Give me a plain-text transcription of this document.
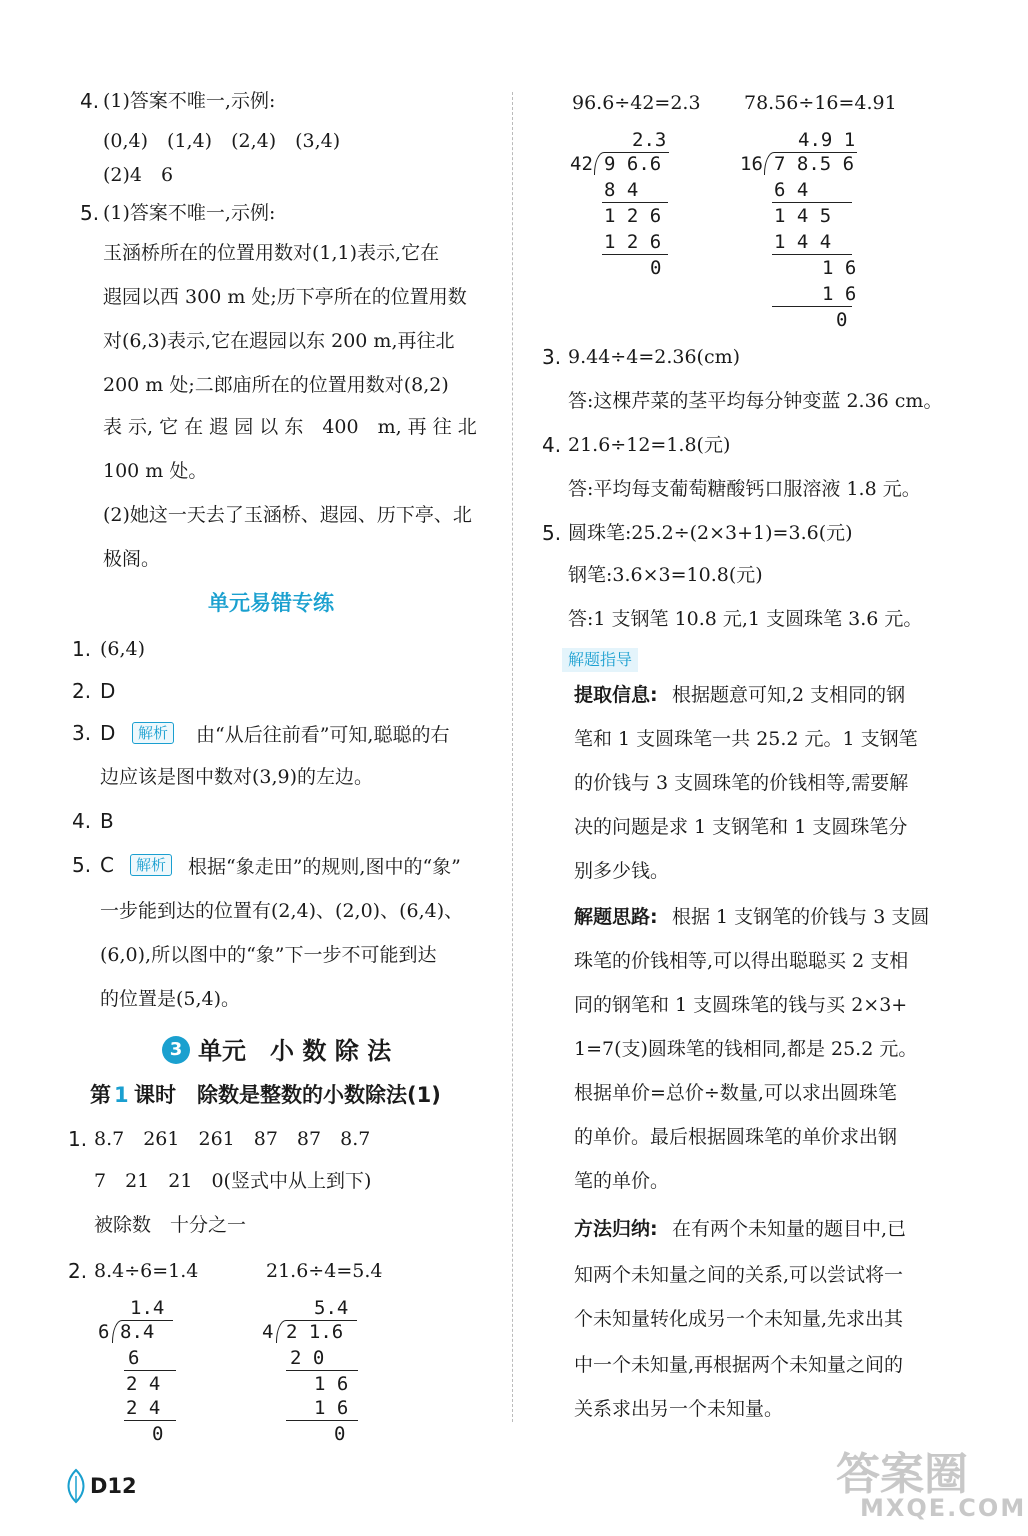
4. (1)答案不唯一,示例:
(0,4)　(1,4)　(2,4)　(3,4)
(2)4　6
5. (1)答案不唯一,示例:
玉涵桥所在的位置用数对(1,1)表示,它在
遐园以西 300 m 处;历下亭所在的位置用数
对(6,3)表示,它在遐园以东 200 m,再往北
200 m 处;二郎庙所在的位置用数对(8,2)
表 示, 它 在 遐 园 以 东　400　m, 再 往 北
100 m 处。
(2)她这一天去了玉涵桥、遐园、历下亭、北
极阁。
单元易错专练
1. (6,4)
2. D
3. D	解析	由“从后往前看”可知,聪聪的右
边应该是图中数对(3,9)的左边。
4. B
5. C	解析	根据“象走田”的规则,图中的“象”
一步能到达的位置有(2,4)、(2,0)、(6,4)、
(6,0),所以图中的“象”下一步不可能到达
的位置是(5,4)。
3 单元　小 数 除 法
第 1 课时　除数是整数的小数除法(1)
1. 8.7　261　261　87　87　8.7
7　21　21　0(竖式中从上到下)
被除数　十分之一
2. 8.4÷6=1.4	21.6÷4=5.4
1.4
6 8.4
6
2 4
2 4
0
5.4
4 2 1.6
2 0
1 6
1 6
0
D12
96.6÷42=2.3 78.56÷16=4.91
2.3
42 9 6.6
8 4
1 2 6
1 2 6
0
4.9 1
16 7 8.5 6
6 4
1 4 5
1 4 4
1 6
1 6
0
3. 9.44÷4=2.36(cm)
答:这棵芹菜的茎平均每分钟变蓝 2.36 cm。
4. 21.6÷12=1.8(元)
答:平均每支葡萄糖酸钙口服溶液 1.8 元。
5. 圆珠笔:25.2÷(2×3+1)=3.6(元)
钢笔:3.6×3=10.8(元)
答:1 支钢笔 10.8 元,1 支圆珠笔 3.6 元。
解题指导
提取信息: 根据题意可知,2 支相同的钢
笔和 1 支圆珠笔一共 25.2 元。1 支钢笔
的价钱与 3 支圆珠笔的价钱相等,需要解
决的问题是求 1 支钢笔和 1 支圆珠笔分
别多少钱。
解题思路: 根据 1 支钢笔的价钱与 3 支圆
珠笔的价钱相等,可以得出聪聪买 2 支相
同的钢笔和 1 支圆珠笔的钱与买 2×3+
1=7(支)圆珠笔的钱相同,都是 25.2 元。
根据单价=总价÷数量,可以求出圆珠笔
的单价。最后根据圆珠笔的单价求出钢
笔的单价。
方法归纳: 在有两个未知量的题目中,已
知两个未知量之间的关系,可以尝试将一
个未知量转化成另一个未知量,先求出其
中一个未知量,再根据两个未知量之间的
关系求出另一个未知量。
答案圈
MXQE.COM
